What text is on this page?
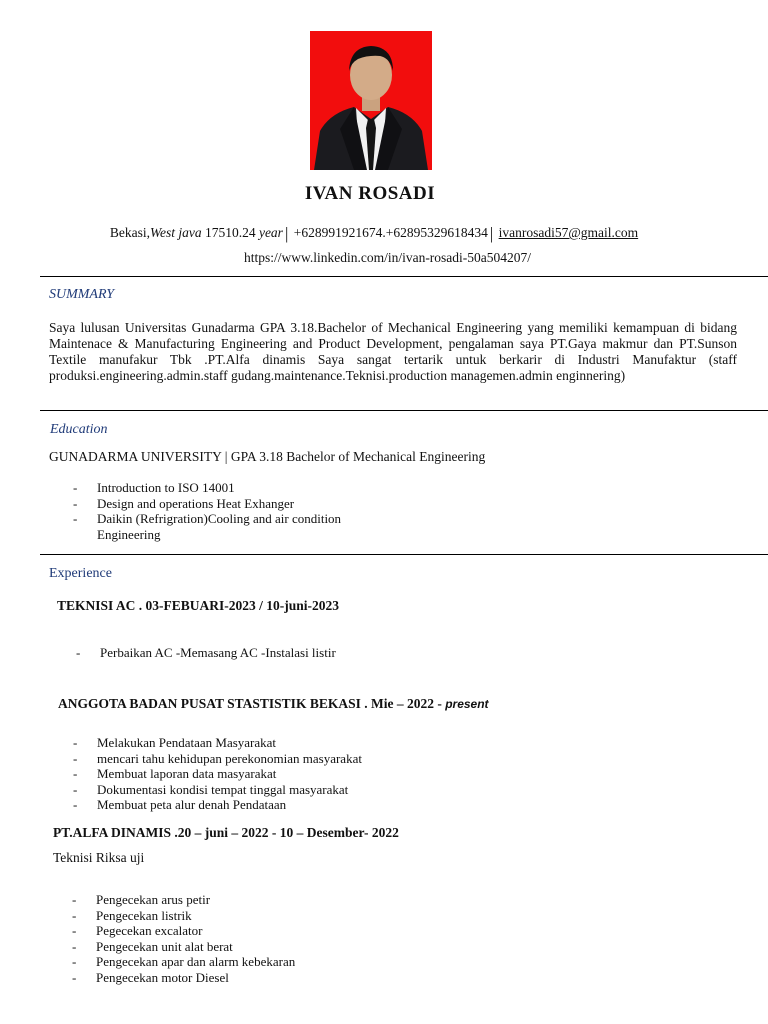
IVAN ROSADI
Bekasi,West java 17510.24 year | +628991921674.+62895329618434 | ivanrosadi57@gmail.com
https://www.linkedin.com/in/ivan-rosadi-50a504207/
SUMMARY
Saya lulusan Universitas Gunadarma GPA 3.18.Bachelor of Mechanical Engineering yang memiliki kemampuan di bidang Maintenace & Manufacturing Engineering and Product Development, pengalaman saya PT.Gaya makmur dan PT.Sunson Textile manufakur Tbk .PT.Alfa dinamis Saya sangat tertarik untuk berkarir di Industri Manufaktur (staff produksi.engineering.admin.staff gudang.maintenance.Teknisi.production managemen.admin enginnering)
Education
GUNADARMA UNIVERSITY | GPA 3.18 Bachelor of Mechanical Engineering
- Introduction to ISO 14001
- Design and operations Heat Exhanger
- Daikin (Refrigration)Cooling and air condition Engineering
Experience
TEKNISI AC . 03-FEBUARI-2023 / 10-juni-2023
- Perbaikan AC -Memasang AC -Instalasi listir
ANGGOTA BADAN PUSAT STASTISTIK BEKASI . Mie – 2022 - present
- Melakukan Pendataan Masyarakat
- mencari tahu kehidupan perekonomian masyarakat
- Membuat laporan data masyarakat
- Dokumentasi kondisi tempat tinggal masyarakat
- Membuat peta alur denah Pendataan
PT.ALFA DINAMIS .20 – juni – 2022 - 10 – Desember- 2022
Teknisi Riksa uji
- Pengecekan arus petir
- Pengecekan listrik
- Pegecekan excalator
- Pengecekan unit alat berat
- Pengecekan apar dan alarm kebekaran
- Pengecekan motor Diesel
